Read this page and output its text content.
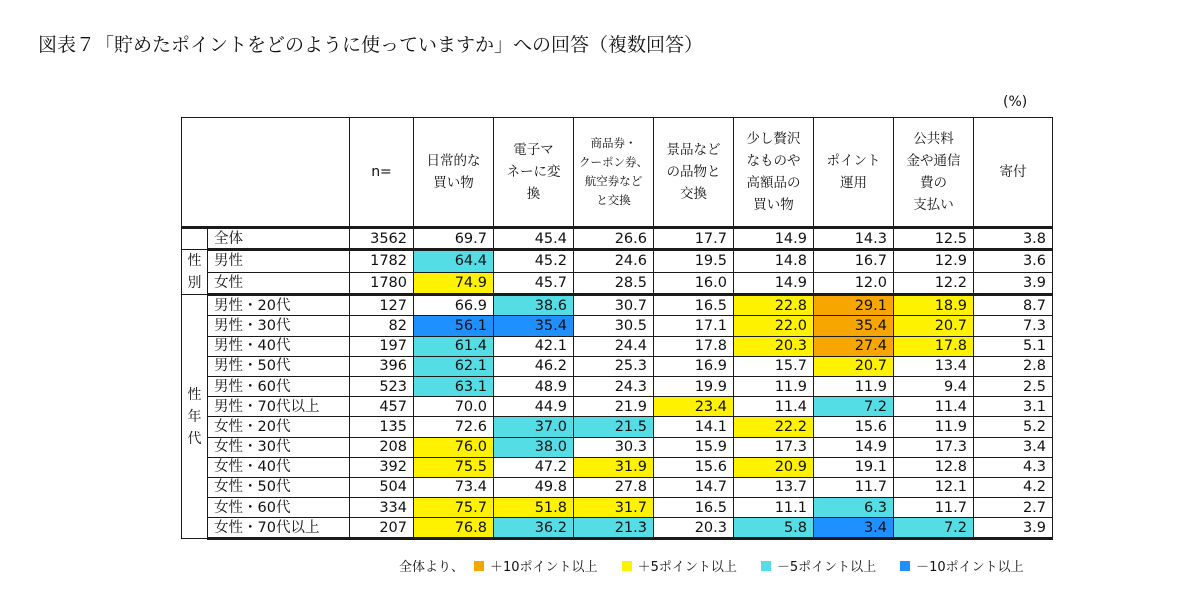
図表７「貯めたポイントをどのように使っていますか」への回答（複数回答）
(%)
		n=	日常的な
買い物	電子マ
ネーに変
換	商品券・
クーポン券、
航空券など
と交換	景品など
の品物と
交換	少し贅沢
なものや
高額品の
買い物	ポイント
運用	公共料
金や通信
費の
支払い	寄付
	全体	3562	69.7	45.4	26.6	17.7	14.9	14.3	12.5	3.8
性
別	男性	1782	64.4	45.2	24.6	19.5	14.8	16.7	12.9	3.6
	女性	1780	74.9	45.7	28.5	16.0	14.9	12.0	12.2	3.9
性
年
代	男性・20代	127	66.9	38.6	30.7	16.5	22.8	29.1	18.9	8.7
	男性・30代	82	56.1	35.4	30.5	17.1	22.0	35.4	20.7	7.3
	男性・40代	197	61.4	42.1	24.4	17.8	20.3	27.4	17.8	5.1
	男性・50代	396	62.1	46.2	25.3	16.9	15.7	20.7	13.4	2.8
	男性・60代	523	63.1	48.9	24.3	19.9	11.9	11.9	9.4	2.5
	男性・70代以上	457	70.0	44.9	21.9	23.4	11.4	7.2	11.4	3.1
	女性・20代	135	72.6	37.0	21.5	14.1	22.2	15.6	11.9	5.2
	女性・30代	208	76.0	38.0	30.3	15.9	17.3	14.9	17.3	3.4
	女性・40代	392	75.5	47.2	31.9	15.6	20.9	19.1	12.8	4.3
	女性・50代	504	73.4	49.8	27.8	14.7	13.7	11.7	12.1	4.2
	女性・60代	334	75.7	51.8	31.7	16.5	11.1	6.3	11.7	2.7
	女性・70代以上	207	76.8	36.2	21.3	20.3	5.8	3.4	7.2	3.9
全体より、 ＋10ポイント以上	＋5ポイント以上	－5ポイント以上	－10ポイント以上
